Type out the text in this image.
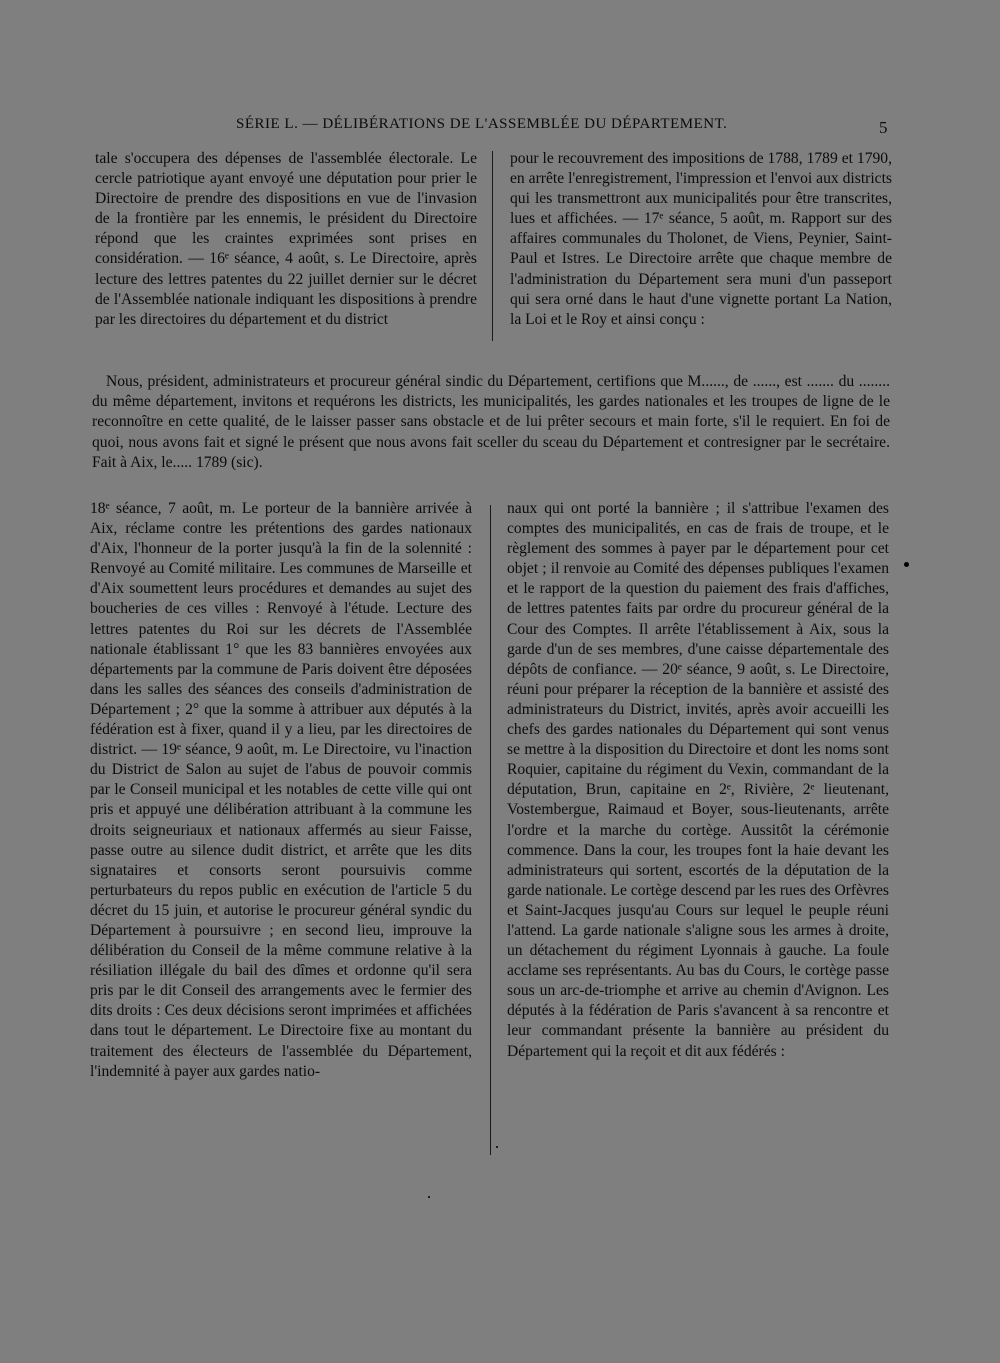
SÉRIE L. — DÉLIBÉRATIONS DE L'ASSEMBLÉE DU DÉPARTEMENT.	5

tale s'occupera des dépenses de l'assemblée électorale. Le cercle patriotique ayant envoyé une députation pour prier le Directoire de prendre des dispositions en vue de l'invasion de la frontière par les ennemis, le président du Directoire répond que les craintes exprimées sont prises en considération. — 16ᵉ séance, 4 août, s. Le Directoire, après lecture des lettres patentes du 22 juillet dernier sur le décret de l'Assemblée nationale indiquant les dispositions à prendre par les directoires du département et du district

pour le recouvrement des impositions de 1788, 1789 et 1790, en arrête l'enregistrement, l'impression et l'envoi aux districts qui les transmettront aux municipalités pour être transcrites, lues et affichées. — 17ᵉ séance, 5 août, m. Rapport sur des affaires communales du Tholonet, de Viens, Peynier, Saint-Paul et Istres. Le Directoire arrête que chaque membre de l'administration du Département sera muni d'un passeport qui sera orné dans le haut d'une vignette portant La Nation, la Loi et le Roy et ainsi conçu :

Nous, président, administrateurs et procureur général sindic du Département, certifions que M......, de ......, est ....... du ........ du même département, invitons et requérons les districts, les municipalités, les gardes nationales et les troupes de ligne de le reconnoître en cette qualité, de le laisser passer sans obstacle et de lui prêter secours et main forte, s'il le requiert. En foi de quoi, nous avons fait et signé le présent que nous avons fait sceller du sceau du Département et contresigner par le secrétaire. Fait à Aix, le..... 1789 (sic).

18ᵉ séance, 7 août, m. Le porteur de la bannière arrivée à Aix, réclame contre les prétentions des gardes nationaux d'Aix, l'honneur de la porter jusqu'à la fin de la solennité : Renvoyé au Comité militaire. Les communes de Marseille et d'Aix soumettent leurs procédures et demandes au sujet des boucheries de ces villes : Renvoyé à l'étude. Lecture des lettres patentes du Roi sur les décrets de l'Assemblée nationale établissant 1° que les 83 bannières envoyées aux départements par la commune de Paris doivent être déposées dans les salles des séances des conseils d'administration de Département ; 2° que la somme à attribuer aux députés à la fédération est à fixer, quand il y a lieu, par les directoires de district. — 19ᵉ séance, 9 août, m. Le Directoire, vu l'inaction du District de Salon au sujet de l'abus de pouvoir commis par le Conseil municipal et les notables de cette ville qui ont pris et appuyé une délibération attribuant à la commune les droits seigneuriaux et nationaux affermés au sieur Faisse, passe outre au silence dudit district, et arrête que les dits signataires et consorts seront poursuivis comme perturbateurs du repos public en exécution de l'article 5 du décret du 15 juin, et autorise le procureur général syndic du Département à poursuivre ; en second lieu, improuve la délibération du Conseil de la même commune relative à la résiliation illégale du bail des dîmes et ordonne qu'il sera pris par le dit Conseil des arrangements avec le fermier des dits droits : Ces deux décisions seront imprimées et affichées dans tout le département. Le Directoire fixe au montant du traitement des électeurs de l'assemblée du Département, l'indemnité à payer aux gardes natio-

naux qui ont porté la bannière ; il s'attribue l'examen des comptes des municipalités, en cas de frais de troupe, et le règlement des sommes à payer par le département pour cet objet ; il renvoie au Comité des dépenses publiques l'examen et le rapport de la question du paiement des frais d'affiches, de lettres patentes faits par ordre du procureur général de la Cour des Comptes. Il arrête l'établissement à Aix, sous la garde d'un de ses membres, d'une caisse départementale des dépôts de confiance. — 20ᵉ séance, 9 août, s. Le Directoire, réuni pour préparer la réception de la bannière et assisté des administrateurs du District, invités, après avoir accueilli les chefs des gardes nationales du Département qui sont venus se mettre à la disposition du Directoire et dont les noms sont Roquier, capitaine du régiment du Vexin, commandant de la députation, Brun, capitaine en 2ᵉ, Rivière, 2ᵉ lieutenant, Vostembergue, Raimaud et Boyer, sous-lieutenants, arrête l'ordre et la marche du cortège. Aussitôt la cérémonie commence. Dans la cour, les troupes font la haie devant les administrateurs qui sortent, escortés de la députation de la garde nationale. Le cortège descend par les rues des Orfèvres et Saint-Jacques jusqu'au Cours sur lequel le peuple réuni l'attend. La garde nationale s'aligne sous les armes à droite, un détachement du régiment Lyonnais à gauche. La foule acclame ses représentants. Au bas du Cours, le cortège passe sous un arc-de-triomphe et arrive au chemin d'Avignon. Les députés à la fédération de Paris s'avancent à sa rencontre et leur commandant présente la bannière au président du Département qui la reçoit et dit aux fédérés :
